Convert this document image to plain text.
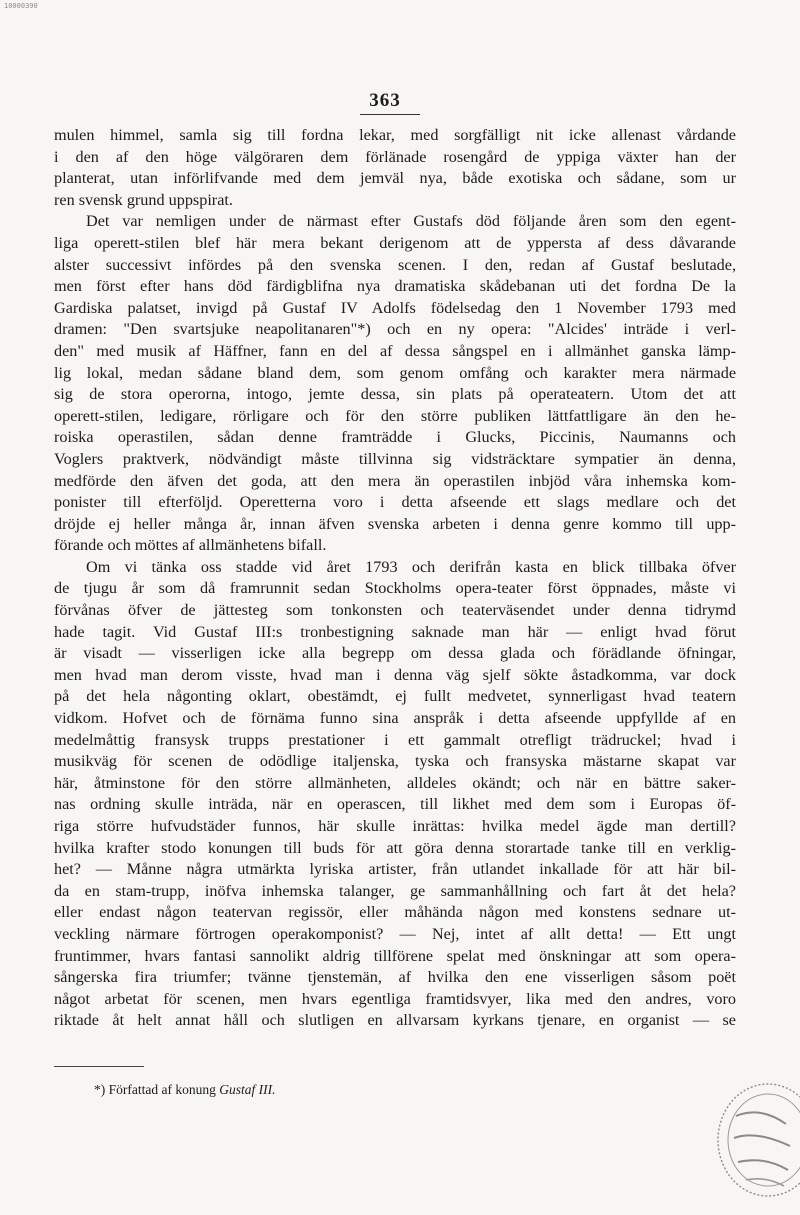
10000390
363
mulen himmel, samla sig till fordna lekar, med sorgfälligt nit icke allenast vårdande
i den af den höge välgöraren dem förlänade rosengård de yppiga växter han der
planterat, utan införlifvande med dem jemväl nya, både exotiska och sådane, som ur
ren svensk grund uppspirat.
Det var nemligen under de närmast efter Gustafs död följande åren som den egent-
liga operett-stilen blef här mera bekant derigenom att de yppersta af dess dåvarande
alster successivt infördes på den svenska scenen. I den, redan af Gustaf beslutade,
men först efter hans död färdigblifna nya dramatiska skådebanan uti det fordna De la
Gardiska palatset, invigd på Gustaf IV Adolfs födelsedag den 1 November 1793 med
dramen: "Den svartsjuke neapolitanaren"*) och en ny opera: "Alcides' inträde i verl-
den" med musik af Häffner, fann en del af dessa sångspel en i allmänhet ganska lämp-
lig lokal, medan sådane bland dem, som genom omfång och karakter mera närmade
sig de stora operorna, intogo, jemte dessa, sin plats på operateatern. Utom det att
operett-stilen, ledigare, rörligare och för den större publiken lättfattligare än den he-
roiska operastilen, sådan denne framträdde i Glucks, Piccinis, Naumanns och
Voglers praktverk, nödvändigt måste tillvinna sig vidsträcktare sympatier än denna,
medförde den äfven det goda, att den mera än operastilen inbjöd våra inhemska kom-
ponister till efterföljd. Operetterna voro i detta afseende ett slags medlare och det
dröjde ej heller många år, innan äfven svenska arbeten i denna genre kommo till upp-
förande och möttes af allmänhetens bifall.
Om vi tänka oss stadde vid året 1793 och derifrån kasta en blick tillbaka öfver
de tjugu år som då framrunnit sedan Stockholms opera-teater först öppnades, måste vi
förvånas öfver de jättesteg som tonkonsten och teaterväsendet under denna tidrymd
hade tagit. Vid Gustaf III:s tronbestigning saknade man här — enligt hvad förut
är visadt — visserligen icke alla begrepp om dessa glada och förädlande öfningar,
men hvad man derom visste, hvad man i denna väg sjelf sökte åstadkomma, var dock
på det hela någonting oklart, obestämdt, ej fullt medvetet, synnerligast hvad teatern
vidkom. Hofvet och de förnäma funno sina anspråk i detta afseende uppfyllde af en
medelmåttig fransysk trupps prestationer i ett gammalt otrefligt trädruckel; hvad i
musikväg för scenen de odödlige italjenska, tyska och fransyska mästarne skapat var
här, åtminstone för den större allmänheten, alldeles okändt; och när en bättre saker-
nas ordning skulle inträda, när en operascen, till likhet med dem som i Europas öf-
riga större hufvudstäder funnos, här skulle inrättas: hvilka medel ägde man dertill?
hvilka krafter stodo konungen till buds för att göra denna storartade tanke till en verklig-
het? — Månne några utmärkta lyriska artister, från utlandet inkallade för att här bil-
da en stam-trupp, inöfva inhemska talanger, ge sammanhållning och fart åt det hela?
eller endast någon teatervan regissör, eller måhända någon med konstens sednare ut-
veckling närmare förtrogen operakomponist? — Nej, intet af allt detta! — Ett ungt
fruntimmer, hvars fantasi sannolikt aldrig tillförene spelat med önskningar att som opera-
sångerska fira triumfer; tvänne tjenstemän, af hvilka den ene visserligen såsom poët
något arbetat för scenen, men hvars egentliga framtidsvyer, lika med den andres, voro
riktade åt helt annat håll och slutligen en allvarsam kyrkans tjenare, en organist — se
*) Författad af konung Gustaf III.
